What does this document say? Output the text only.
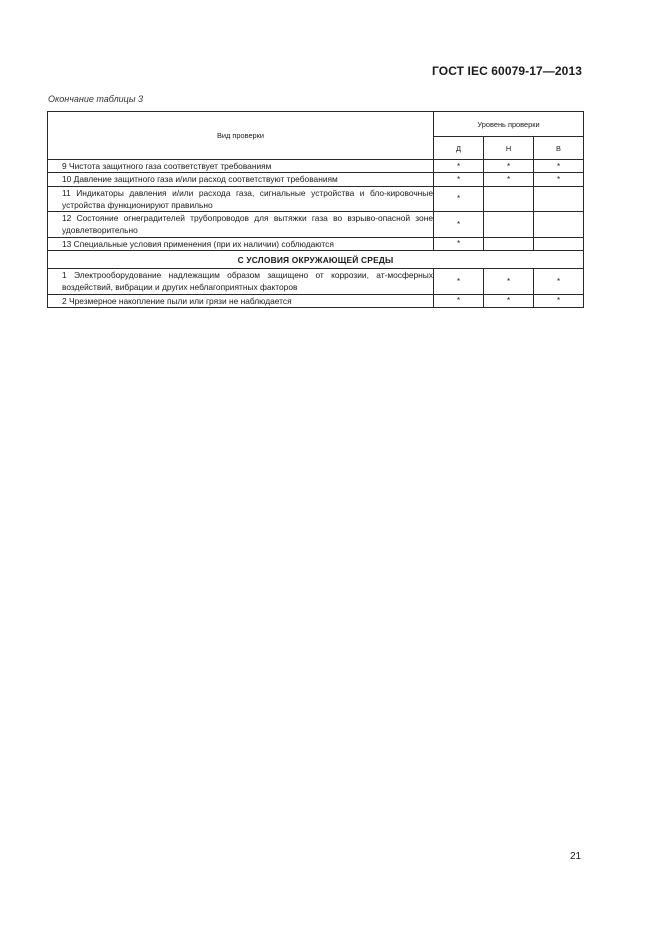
ГОСТ IEC 60079-17—2013
Окончание таблицы 3
Вид проверки	Уровень проверки		
	Д	Н	В

9 Чистота защитного газа соответствует требованиям	*	*	*

10 Давление защитного газа и/или расход соответствуют требованиям	*	*	*

11 Индикаторы давления и/или расхода газа, сигнальные устройства и бло-кировочные устройства функционируют правильно	*		

12 Состояние огнеградителей трубопроводов для вытяжки газа во взрыво-опасной зоне удовлетворительно	*		

13 Специальные условия применения (при их наличии) соблюдаются	*		
С УСЛОВИЯ ОКРУЖАЮЩЕЙ СРЕДЫ			

1 Электрооборудование надлежащим образом защищено от коррозии, ат-мосферных воздействий, вибрации и других неблагоприятных факторов	*	*	*

2 Чрезмерное накопление пыли или грязи не наблюдается	*	*	*
21
